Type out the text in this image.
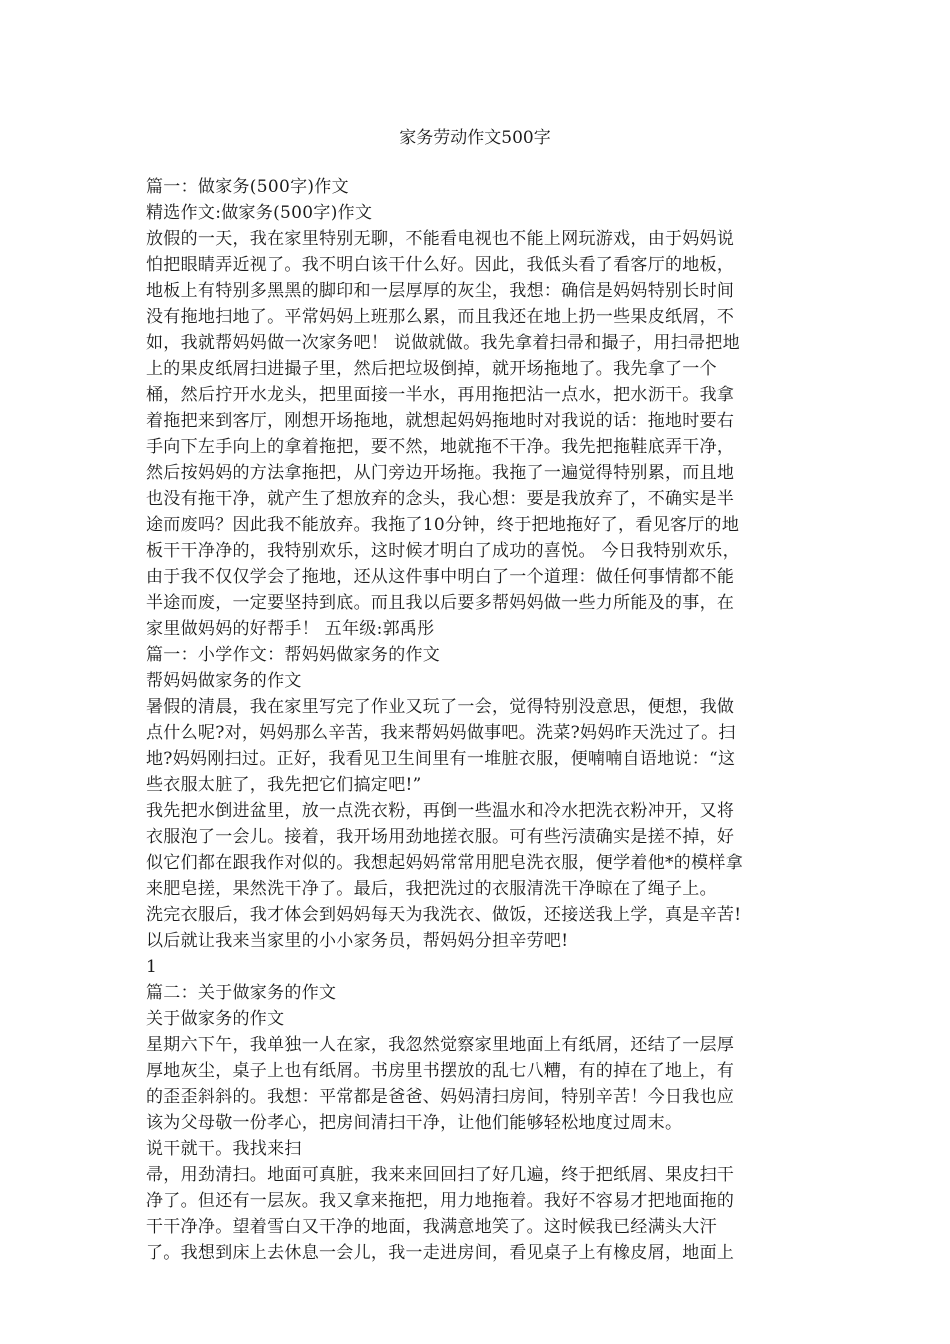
家务劳动作文500字
篇一：做家务(500字)作文
精选作文:做家务(500字)作文
放假的一天，我在家里特别无聊，不能看电视也不能上网玩游戏，由于妈妈说
怕把眼睛弄近视了。我不明白该干什么好。因此，我低头看了看客厅的地板，
地板上有特别多黑黑的脚印和一层厚厚的灰尘，我想：确信是妈妈特别长时间
没有拖地扫地了。平常妈妈上班那么累，而且我还在地上扔一些果皮纸屑，不
如，我就帮妈妈做一次家务吧！ 说做就做。我先拿着扫帚和撮子，用扫帚把地
上的果皮纸屑扫进撮子里，然后把垃圾倒掉，就开场拖地了。我先拿了一个
桶，然后拧开水龙头，把里面接一半水，再用拖把沾一点水，把水沥干。我拿
着拖把来到客厅，刚想开场拖地，就想起妈妈拖地时对我说的话：拖地时要右
手向下左手向上的拿着拖把，要不然，地就拖不干净。我先把拖鞋底弄干净，
然后按妈妈的方法拿拖把，从门旁边开场拖。我拖了一遍觉得特别累，而且地
也没有拖干净，就产生了想放弃的念头，我心想：要是我放弃了，不确实是半
途而废吗？因此我不能放弃。我拖了10分钟，终于把地拖好了，看见客厅的地
板干干净净的，我特别欢乐，这时候才明白了成功的喜悦。 今日我特别欢乐，
由于我不仅仅学会了拖地，还从这件事中明白了一个道理：做任何事情都不能
半途而废，一定要坚持到底。而且我以后要多帮妈妈做一些力所能及的事，在
家里做妈妈的好帮手！ 五年级:郭禹彤
篇一：小学作文：帮妈妈做家务的作文
帮妈妈做家务的作文
暑假的清晨，我在家里写完了作业又玩了一会，觉得特别没意思，便想，我做
点什么呢?对，妈妈那么辛苦，我来帮妈妈做事吧。洗菜?妈妈昨天洗过了。扫
地?妈妈刚扫过。正好，我看见卫生间里有一堆脏衣服，便喃喃自语地说：“这
些衣服太脏了，我先把它们搞定吧!”
我先把水倒进盆里，放一点洗衣粉，再倒一些温水和冷水把洗衣粉冲开，又将
衣服泡了一会儿。接着，我开场用劲地搓衣服。可有些污渍确实是搓不掉，好
似它们都在跟我作对似的。我想起妈妈常常用肥皂洗衣服，便学着他*的模样拿
来肥皂搓，果然洗干净了。最后，我把洗过的衣服清洗干净晾在了绳子上。
洗完衣服后，我才体会到妈妈每天为我洗衣、做饭，还接送我上学，真是辛苦!
以后就让我来当家里的小小家务员，帮妈妈分担辛劳吧!
1
篇二：关于做家务的作文
关于做家务的作文
星期六下午，我单独一人在家，我忽然觉察家里地面上有纸屑，还结了一层厚
厚地灰尘，桌子上也有纸屑。书房里书摆放的乱七八糟，有的掉在了地上，有
的歪歪斜斜的。我想：平常都是爸爸、妈妈清扫房间，特别辛苦！今日我也应
该为父母敬一份孝心，把房间清扫干净，让他们能够轻松地度过周末。
说干就干。我找来扫
帚，用劲清扫。地面可真脏，我来来回回扫了好几遍，终于把纸屑、果皮扫干
净了。但还有一层灰。我又拿来拖把，用力地拖着。我好不容易才把地面拖的
干干净净。望着雪白又干净的地面，我满意地笑了。这时候我已经满头大汗
了。我想到床上去休息一会儿，我一走进房间，看见桌子上有橡皮屑，地面上
